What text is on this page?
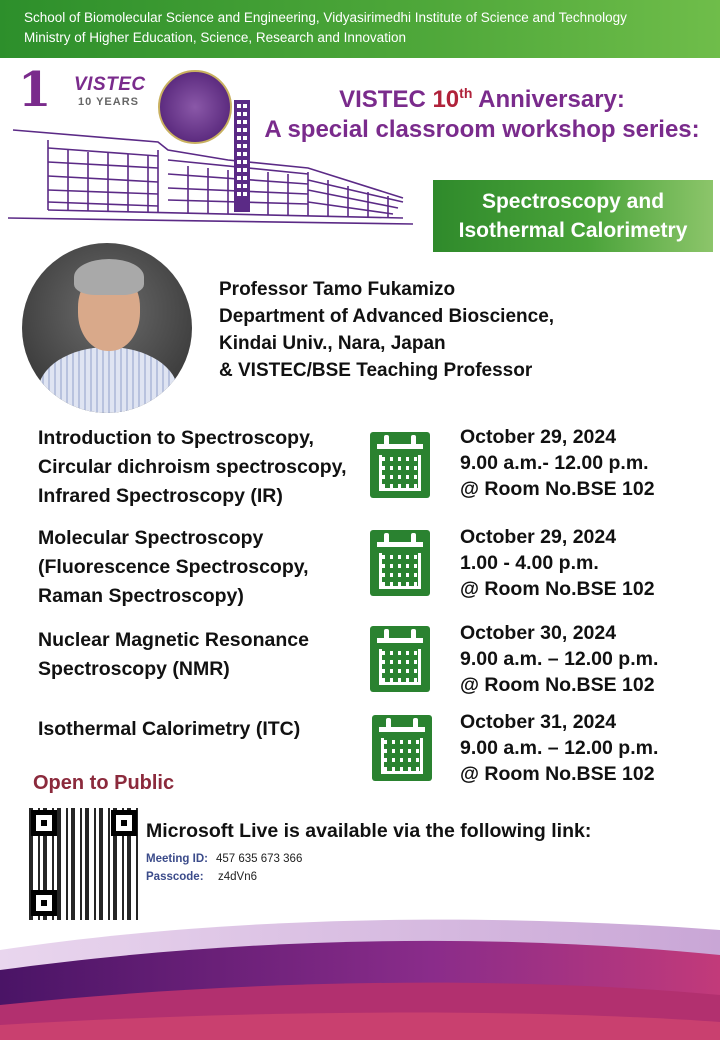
School of Biomolecular Science and Engineering, Vidyasirimedhi Institute of Science and Technology
Ministry of Higher Education, Science, Research and Innovation
1 VISTEC
10 YEARS	VISTEC 10th Anniversary:
A special classroom workshop series:
Spectroscopy and
Isothermal Calorimetry
Professor Tamo Fukamizo
Department of Advanced Bioscience,
Kindai Univ., Nara, Japan
& VISTEC/BSE Teaching Professor
Introduction to Spectroscopy,
Circular dichroism spectroscopy,
Infrared Spectroscopy (IR)
October 29, 2024
9.00 a.m.- 12.00 p.m.
@ Room No.BSE 102
Molecular Spectroscopy
(Fluorescence Spectroscopy,
Raman Spectroscopy)
October 29, 2024
1.00 - 4.00 p.m.
@ Room No.BSE 102
Nuclear Magnetic Resonance
Spectroscopy (NMR)
October 30, 2024
9.00 a.m. – 12.00 p.m.
@ Room No.BSE 102
Isothermal Calorimetry (ITC)	October 31, 2024
9.00 a.m. – 12.00 p.m.
@ Room No.BSE 102
Open to Public
Microsoft Live is available via the following link:
Meeting ID: 457 635 673 366
Passcode: z4dVn6
